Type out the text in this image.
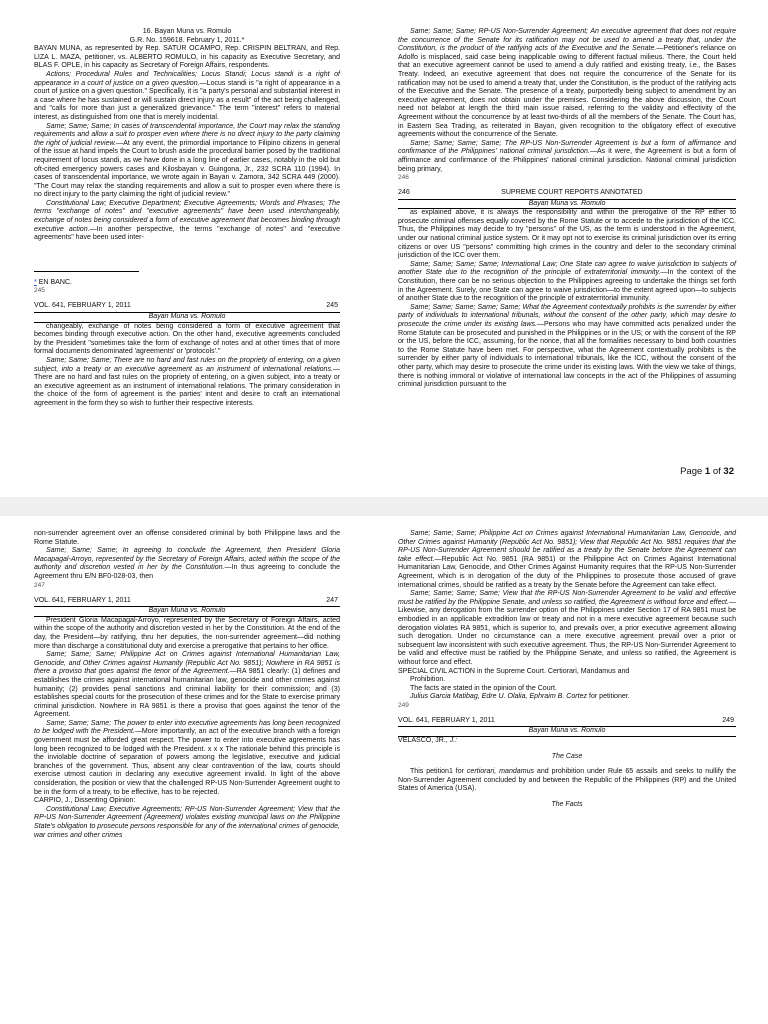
16. Bayan Muna vs. Romulo
G.R. No. 159618. February 1, 2011.*

BAYAN MUNA, as represented by Rep. SATUR OCAMPO, Rep. CRISPIN BELTRAN, and Rep. LIZA L. MAZA, petitioner, vs. ALBERTO ROMULO, in his capacity as Executive Secretary, and BLAS F. OPLE, in his capacity as Secretary of Foreign Affairs, respondents.

Actions; Procedural Rules and Technicalities; Locus Standi; Locus standi is a right of appearance in a court of justice on a given question.—Locus standi is "a right of appearance in a court of justice on a given question." Specifically, it is "a party's personal and substantial interest in a case where he has sustained or will sustain direct injury as a result" of the act being challenged, and "calls for more than just a generalized grievance." The term "interest" refers to material interest, as distinguished from one that is merely incidental.

Same; Same; Same; In cases of transcendental importance, the Court may relax the standing requirements and allow a suit to prosper even where there is no direct injury to the party claiming the right of judicial review.—At any event, the primordial importance to Filipino citizens in general of the issue at hand impels the Court to brush aside the procedural barrier posed by the traditional requirement of locus standi, as we have done in a long line of earlier cases, notably in the old but oft-cited emergency powers cases and Kilosbayan v. Guingona, Jr., 232 SCRA 110 (1994). In cases of transcendental importance, we wrote again in Bayan v. Zamora, 342 SCRA 449 (2000). "The Court may relax the standing requirements and allow a suit to prosper even where there is no direct injury to the party claiming the right of judicial review."

Constitutional Law; Executive Department; Executive Agreements; Words and Phrases; The terms "exchange of notes" and "executive agreements" have been used interchangeably, exchange of notes being considered a form of executive agreement that becomes binding through executive action.—In another perspective, the terms "exchange of notes" and "executive agreements" have been used inter-

* EN BANC.
245
VOL. 641, FEBRUARY 1, 2011	245
Bayan Muna vs. Romulo

changeably, exchange of notes being considered a form of executive agreement that becomes binding through executive action. On the other hand, executive agreements concluded by the President "sometimes take the form of exchange of notes and at other times that of more formal documents denominated 'agreements' or 'protocols'."

Same; Same; Same; There are no hard and fast rules on the propriety of entering, on a given subject, into a treaty or an executive agreement as an instrument of international relations.—There are no hard and fast rules on the propriety of entering, on a given subject, into a treaty or an executive agreement as an instrument of international relations. The primary consideration in the choice of the form of agreement is the parties' intent and desire to craft an international agreement in the form they so wish to further their respective interests.

Same; Same; Same; RP-US Non-Surrender Agreement; An executive agreement that does not require the concurrence of the Senate for its ratification may not be used to amend a treaty that, under the Constitution, is the product of the ratifying acts of the Executive and the Senate.—Petitioner's reliance on Adolfo is misplaced, said case being inapplicable owing to different factual milieus. There, the Court held that an executive agreement cannot be used to amend a duly ratified and existing treaty, i.e., the Bases Treaty. Indeed, an executive agreement that does not require the concurrence of the Senate for its ratification may not be used to amend a treaty that, under the Constitution, is the product of the ratifying acts of the Executive and the Senate. The presence of a treaty, purportedly being subject to amendment by an executive agreement, does not obtain under the premises. Considering the above discussion, the Court need not belabor at length the third main issue raised, referring to the validity and effectivity of the Agreement without the concurrence by at least two-thirds of all the members of the Senate. The Court has, in Eastern Sea Trading, as reiterated in Bayan, given recognition to the obligatory effect of executive agreements without the concurrence of the Senate.

Same; Same; Same; Same; The RP-US Non-Surrender Agreement is but a form of affirmance and confirmance of the Philippines' national criminal jurisdiction.—As it were, the Agreement is but a form of affirmance and confirmance of the Philippines' national criminal jurisdiction. National criminal jurisdiction being primary,

246
246	SUPREME COURT REPORTS ANNOTATED
Bayan Muna vs. Romulo

as explained above, it is always the responsibility and within the prerogative of the RP either to prosecute criminal offenses equally covered by the Rome Statute or to accede to the jurisdiction of the ICC. Thus, the Philippines may decide to try "persons" of the US, as the term is understood in the Agreement, under our national criminal justice system. Or it may opt not to exercise its criminal jurisdiction over its erring citizens or over US "persons" committing high crimes in the country and defer to the secondary criminal jurisdiction of the ICC over them.

Same; Same; Same; Same; International Law; One State can agree to waive jurisdiction to subjects of another State due to the recognition of the principle of extraterritorial immunity.—In the context of the Constitution, there can be no serious objection to the Philippines agreeing to undertake the things set forth in the Agreement. Surely, one State can agree to waive jurisdiction—to the extent agreed upon—to subjects of another State due to the recognition of the principle of extraterritorial immunity.

Same; Same; Same; Same; Same; What the Agreement contextually prohibits is the surrender by either party of individuals to international tribunals, without the consent of the other party, which may desire to prosecute the crime under its existing laws.—Persons who may have committed acts penalized under the Rome Statute can be prosecuted and punished in the Philippines or in the US; or with the consent of the RP or the US, before the ICC, assuming, for the nonce, that all the formalities necessary to bind both countries to the Rome Statute have been met. For perspective, what the Agreement contextually prohibits is the surrender by either party of individuals to international tribunals, like the ICC, without the consent of the other party, which may desire to prosecute the crime under its existing laws. With the view we take of things, there is nothing immoral or violative of international law concepts in the act of the Philippines of assuming criminal jurisdiction pursuant to the

Page 1 of 32

non-surrender agreement over an offense considered criminal by both Philippine laws and the Rome Statute.

Same; Same; Same; In agreeing to conclude the Agreement, then President Gloria Macapagal-Arroyo, represented by the Secretary of Foreign Affairs, acted within the scope of the authority and discretion vested in her by the Constitution.—In thus agreeing to conclude the Agreement thru E/N BF0-028-03, then

247
VOL. 641, FEBRUARY 1, 2011	247
Bayan Muna vs. Romulo

President Gloria Macapagal-Arroyo, represented by the Secretary of Foreign Affairs, acted within the scope of the authority and discretion vested in her by the Constitution. At the end of the day, the President—by ratifying, thru her deputies, the non-surrender agreement—did nothing more than discharge a constitutional duty and exercise a prerogative that pertains to her office.

Same; Same; Same; Philippine Act on Crimes against International Humanitarian Law, Genocide, and Other Crimes against Humanity (Republic Act No. 9851); Nowhere in RA 9851 is there a proviso that goes against the tenor of the Agreement.—RA 9851 clearly: (1) defines and establishes the crimes against international humanitarian law, genocide and other crimes against humanity; (2) provides penal sanctions and criminal liability for their commission; and (3) establishes special courts for the prosecution of these crimes and for the State to exercise primary criminal jurisdiction. Nowhere in RA 9851 is there a proviso that goes against the tenor of the Agreement.

Same; Same; Same; The power to enter into executive agreements has long been recognized to be lodged with the President.—More importantly, an act of the executive branch with a foreign government must be afforded great respect. The power to enter into executive agreements has long been recognized to be lodged with the President. x x x The rationale behind this principle is the inviolable doctrine of separation of powers among the legislative, executive and judicial branches of the government. Thus, absent any clear contravention of the law, courts should exercise utmost caution in declaring any executive agreement invalid. In light of the above consideration, the position or view that the challenged RP-US Non-Surrender Agreement ought to be in the form of a treaty, to be effective, has to be rejected.

CARPIO, J., Dissenting Opinion:

Constitutional Law; Executive Agreements; RP-US Non-Surrender Agreement; View that the RP-US Non-Surrender Agreement (Agreement) violates existing municipal laws on the Philippine State's obligation to prosecute persons responsible for any of the international crimes of genocide, war crimes and other crimes

Same; Same; Same; Philippine Act on Crimes against International Humanitarian Law, Genocide, and Other Crimes against Humanity (Republic Act No. 9851); View that Republic Act No. 9851 requires that the RP-US Non-Surrender Agreement should be ratified as a treaty by the Senate before the Agreement can take effect.—Republic Act No. 9851 (RA 9851) or the Philippine Act on Crimes Against International Humanitarian Law, Genocide, and Other Crimes Against Humanity requires that the RP-US Non-Surrender Agreement, which is in derogation of the duty of the Philippines to prosecute those accused of grave international crimes, should be ratified as a treaty by the Senate before the Agreement can take effect.

Same; Same; Same; Same; View that the RP-US Non-Surrender Agreement to be valid and effective must be ratified by the Philippine Senate, and unless so ratified, the Agreement is without force and effect.—Likewise, any derogation from the surrender option of the Philippines under Section 17 of RA 9851 must be embodied in an applicable extradition law or treaty and not in a mere executive agreement because such derogation violates RA 9851, which is superior to, and prevails over, a prior executive agreement allowing such derogation. Under no circumstance can a mere executive agreement prevail over a prior or subsequent law inconsistent with such executive agreement. Thus, the RP-US Non-Surrender Agreement to be valid and effective must be ratified by the Philippine Senate, and unless so ratified, the Agreement is without force and effect.

SPECIAL CIVIL ACTION in the Supreme Court. Certiorari, Mandamus and

Prohibition.

The facts are stated in the opinion of the Court.

Julius Garcia Matibag, Edre U. Olalia, Ephraim B. Cortez for petitioner.

249
VOL. 641, FEBRUARY 1, 2011	249
Bayan Muna vs. Romulo

VELASCO, JR., J.:

The Case

This petition1 for certiorari, mandamus and prohibition under Rule 65 assails and seeks to nullify the Non-Surrender Agreement concluded by and between the Republic of the Philippines (RP) and the United States of America (USA).

The Facts
